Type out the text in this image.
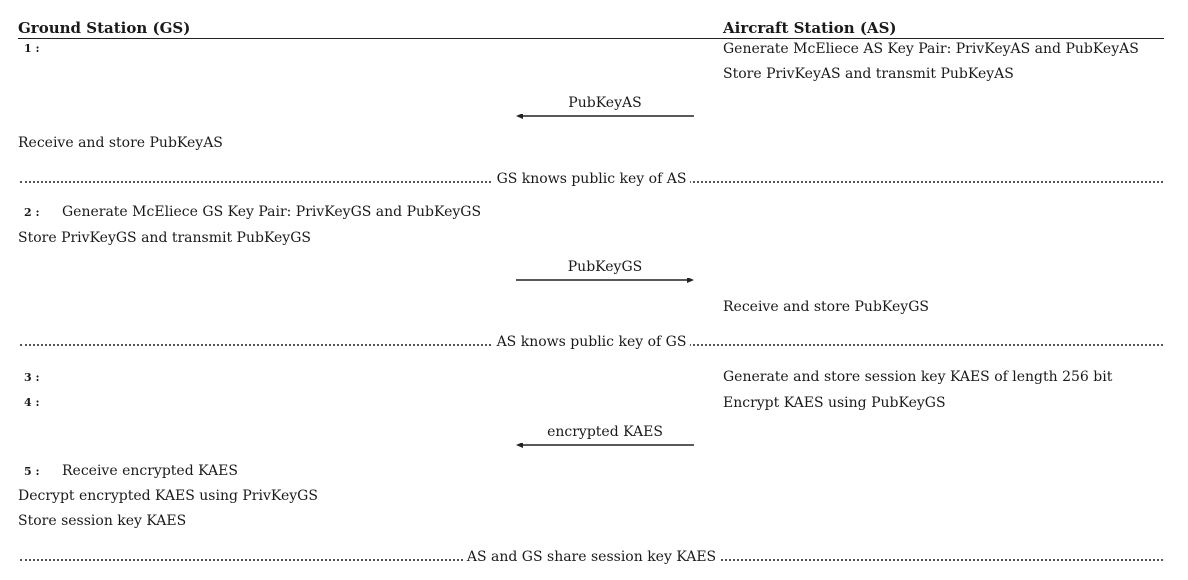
Ground Station (GS)	Aircraft Station (AS)
1 :	Generate McEliece AS Key Pair: PrivKeyAS and PubKeyAS
Store PrivKeyAS and transmit PubKeyAS
PubKeyAS
Receive and store PubKeyAS
GS knows public key of AS
2 : Generate McEliece GS Key Pair: PrivKeyGS and PubKeyGS
Store PrivKeyGS and transmit PubKeyGS
PubKeyGS
Receive and store PubKeyGS
AS knows public key of GS
3 :	Generate and store session key KAES of length 256 bit
4 :	Encrypt KAES using PubKeyGS
encrypted KAES
5 : Receive encrypted KAES
Decrypt encrypted KAES using PrivKeyGS
Store session key KAES
AS and GS share session key KAES
